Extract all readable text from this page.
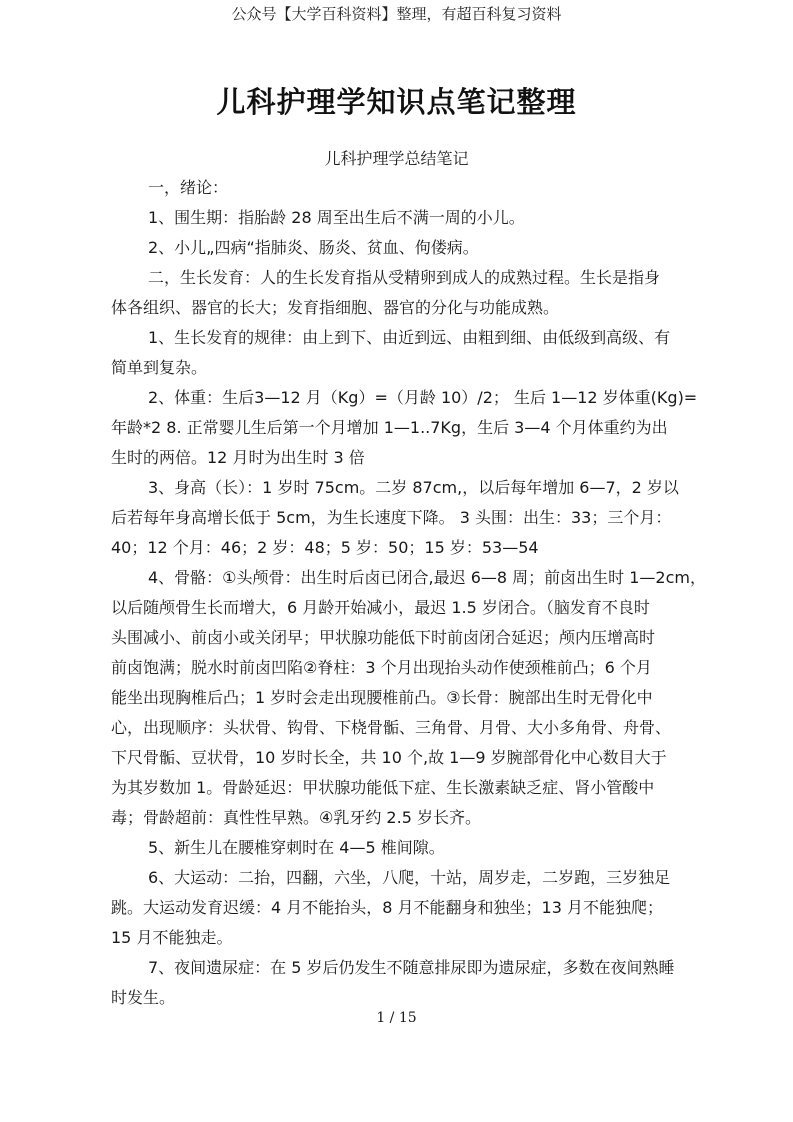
公众号【大学百科资料】整理，有超百科复习资料
儿科护理学知识点笔记整理
儿科护理学总结笔记
一，绪论：
1、围生期：指胎龄 28 周至出生后不满一周的小儿。
2、小儿„四病“指肺炎、肠炎、贫血、佝偻病。
二，生长发育：人的生长发育指从受精卵到成人的成熟过程。生长是指身
体各组织、器官的长大；发育指细胞、器官的分化与功能成熟。
1、生长发育的规律：由上到下、由近到远、由粗到细、由低级到高级、有
简单到复杂。
2、体重：生后3—12 月（Kg）=（月龄 10）/2； 生后 1—12 岁体重(Kg)=
年龄*2 8. 正常婴儿生后第一个月增加 1—1..7Kg，生后 3—4 个月体重约为出
生时的两倍。12 月时为出生时 3 倍
3、身高（长）：1 岁时 75cm。二岁 87cm,，以后每年增加 6—7，2 岁以
后若每年身高增长低于 5cm，为生长速度下降。 3 头围：出生：33；三个月：
40；12 个月：46；2 岁：48；5 岁：50；15 岁：53—54
4、骨骼：①头颅骨：出生时后卤已闭合,最迟 6—8 周；前卤出生时 1—2cm，
以后随颅骨生长而增大，6 月龄开始减小，最迟 1.5 岁闭合。（脑发育不良时
头围减小、前卤小或关闭早；甲状腺功能低下时前卤闭合延迟；颅内压增高时
前卤饱满；脱水时前卤凹陷②脊柱：3 个月出现抬头动作使颈椎前凸；6 个月
能坐出现胸椎后凸；1 岁时会走出现腰椎前凸。③长骨：腕部出生时无骨化中
心，出现顺序：头状骨、钩骨、下桡骨骺、三角骨、月骨、大小多角骨、舟骨、
下尺骨骺、豆状骨，10 岁时长全，共 10 个,故 1—9 岁腕部骨化中心数目大于
为其岁数加 1。骨龄延迟：甲状腺功能低下症、生长激素缺乏症、肾小管酸中
毒；骨龄超前：真性性早熟。④乳牙约 2.5 岁长齐。
5、新生儿在腰椎穿刺时在 4—5 椎间隙。
6、大运动：二抬，四翻，六坐，八爬，十站，周岁走，二岁跑，三岁独足
跳。大运动发育迟缓：4 月不能抬头，8 月不能翻身和独坐；13 月不能独爬；
15 月不能独走。
7、夜间遗尿症：在 5 岁后仍发生不随意排尿即为遗尿症，多数在夜间熟睡
时发生。
1 / 15
